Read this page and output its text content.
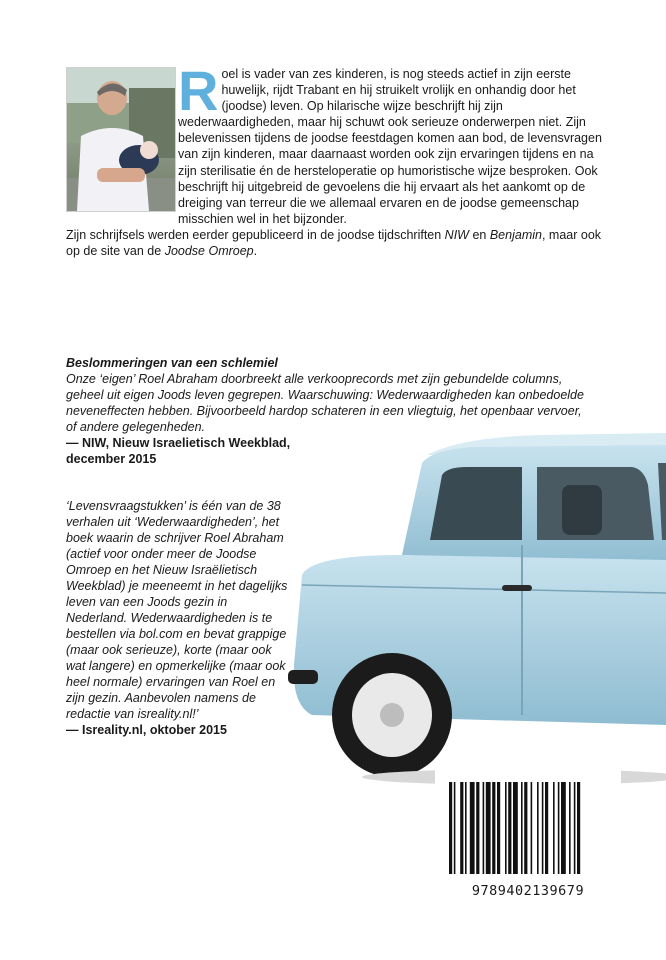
Roel is vader van zes kinderen, is nog steeds actief in zijn eerste huwelijk, rijdt Trabant en hij struikelt vrolijk en onhandig door het (joodse) leven. Op hilarische wijze beschrijft hij zijn wederwaardigheden, maar hij schuwt ook serieuze onderwerpen niet. Zijn belevenissen tijdens de joodse feestdagen komen aan bod, de levensvragen van zijn kinderen, maar daarnaast worden ook zijn ervaringen tijdens en na zijn sterilisatie én de hersteloperatie op humoristische wijze besproken. Ook beschrijft hij uitgebreid de gevoelens die hij ervaart als het aankomt op de dreiging van terreur die we allemaal ervaren en de joodse gemeenschap misschien wel in het bijzonder.

Zijn schrijfsels werden eerder gepubliceerd in de joodse tijdschriften NIW en Benjamin, maar ook op de site van de Joodse Omroep.

Beslommeringen van een schlemiel
Onze ‘eigen’ Roel Abraham doorbreekt alle verkooprecords met zijn gebundelde columns, geheel uit eigen Joods leven gegrepen. Waarschuwing: Wederwaardigheden kan onbedoelde neveneffecten hebben. Bijvoorbeeld hardop schateren in een vliegtuig, het openbaar vervoer, of andere gelegenheden.
— NIW, Nieuw Israelietisch Weekblad,
december 2015
‘Levensvraagstukken’ is één van de 38 verhalen uit ‘Wederwaardigheden’, het boek waarin de schrijver Roel Abraham (actief voor onder meer de Joodse Omroep en het Nieuw Israëlietisch Weekblad) je meeneemt in het dagelijks leven van een Joods gezin in Nederland. Wederwaardigheden is te bestellen via bol.com en bevat grappige (maar ook serieuze), korte (maar ook wat langere) en opmerkelijke (maar ook heel normale) ervaringen van Roel en zijn gezin. Aanbevolen namens de redactie van isreality.nl!’
— Isreality.nl, oktober 2015
9789402139679
